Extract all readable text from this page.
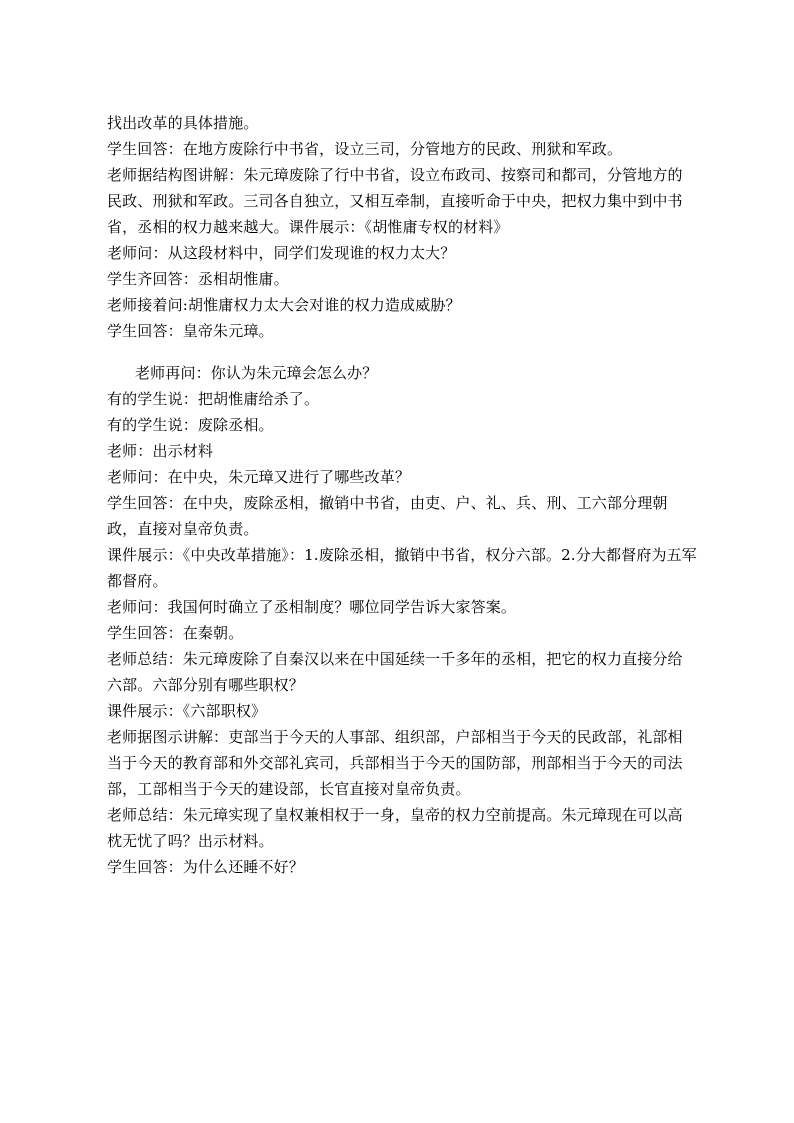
找出改革的具体措施。

学生回答：在地方废除行中书省，设立三司，分管地方的民政、刑狱和军政。

老师据结构图讲解：朱元璋废除了行中书省，设立布政司、按察司和都司，分管地方的民政、刑狱和军政。三司各自独立，又相互牵制，直接听命于中央，把权力集中到中书省，丞相的权力越来越大。课件展示：《胡惟庸专权的材料》

老师问：从这段材料中，同学们发现谁的权力太大？

学生齐回答：丞相胡惟庸。

老师接着问:胡惟庸权力太大会对谁的权力造成威胁？

学生回答：皇帝朱元璋。

老师再问：你认为朱元璋会怎么办？

有的学生说：把胡惟庸给杀了。

有的学生说：废除丞相。

老师：出示材料

老师问：在中央，朱元璋又进行了哪些改革？

学生回答：在中央，废除丞相，撤销中书省，由吏、户、礼、兵、刑、工六部分理朝政，直接对皇帝负责。

课件展示：《中央改革措施》：1.废除丞相，撤销中书省，权分六部。2.分大都督府为五军都督府。

老师问：我国何时确立了丞相制度？哪位同学告诉大家答案。

学生回答：在秦朝。

老师总结：朱元璋废除了自秦汉以来在中国延续一千多年的丞相，把它的权力直接分给六部。六部分别有哪些职权？

课件展示：《六部职权》

老师据图示讲解：吏部当于今天的人事部、组织部，户部相当于今天的民政部，礼部相当于今天的教育部和外交部礼宾司，兵部相当于今天的国防部，刑部相当于今天的司法部，工部相当于今天的建设部，长官直接对皇帝负责。

老师总结：朱元璋实现了皇权兼相权于一身，皇帝的权力空前提高。朱元璋现在可以高枕无忧了吗？出示材料。

学生回答：为什么还睡不好？
